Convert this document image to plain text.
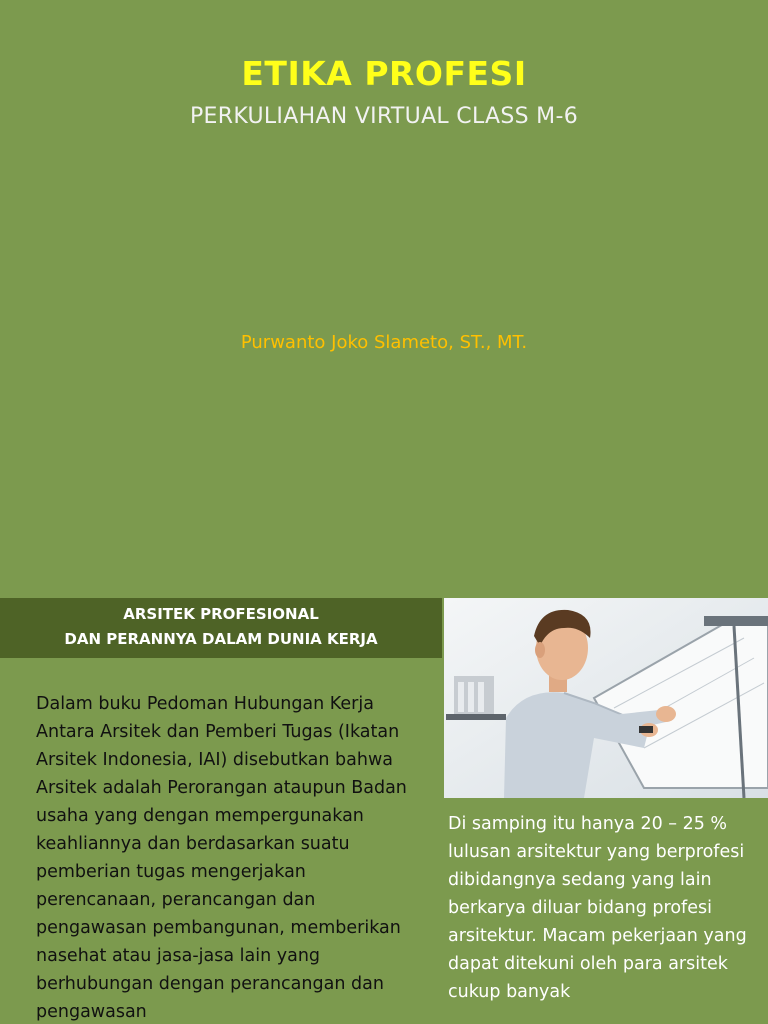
ETIKA PROFESI
PERKULIAHAN VIRTUAL CLASS M-6
Purwanto Joko Slameto, ST., MT.
ARSITEK PROFESIONAL
DAN PERANNYA DALAM DUNIA KERJA
Dalam buku Pedoman Hubungan Kerja Antara Arsitek dan Pemberi Tugas (Ikatan Arsitek Indonesia, IAI) disebutkan bahwa Arsitek adalah Perorangan ataupun Badan usaha yang dengan mempergunakan keahliannya dan berdasarkan suatu pemberian tugas mengerjakan perencanaan, perancangan dan pengawasan pembangunan, memberikan nasehat atau jasa-jasa lain yang berhubungan dengan perancangan dan pengawasan
Di samping itu hanya 20 – 25 % lulusan arsitektur yang berprofesi dibidangnya sedang yang lain berkarya diluar bidang profesi arsitektur. Macam pekerjaan yang dapat ditekuni oleh para arsitek cukup banyak
